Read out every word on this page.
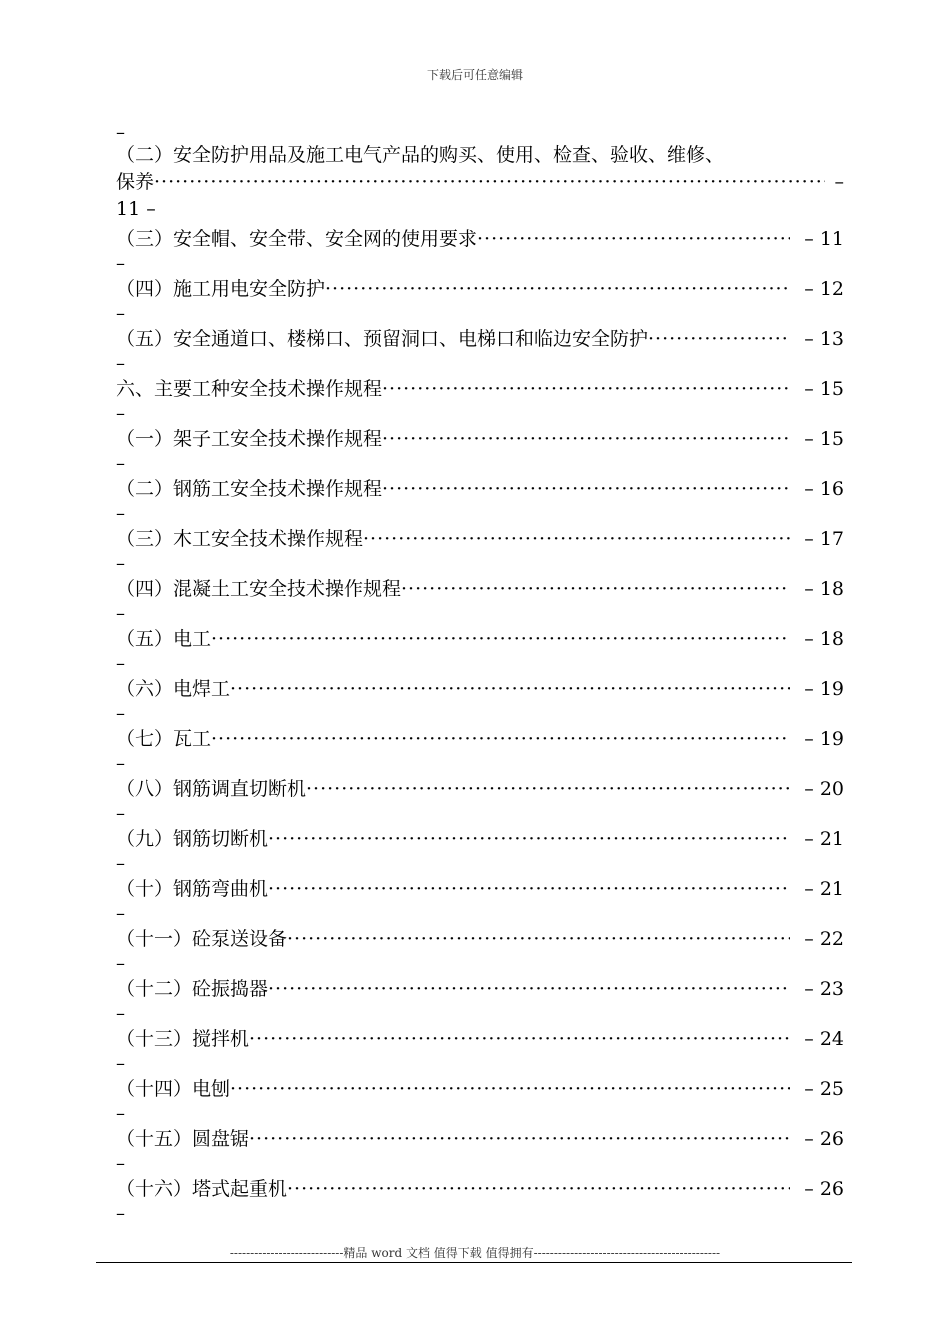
下载后可任意编辑
–
（二）安全防护用品及施工电气产品的购买、使用、检查、验收、维修、
保养 ·····	–
11 –
（三）安全帽、安全带、安全网的使用要求 ·····	– 11
–
（四）施工用电安全防护 ·····	– 12
–
（五）安全通道口、楼梯口、预留洞口、电梯口和临边安全防护 ·····	– 13
–
六、主要工种安全技术操作规程 ·····	– 15
–
（一）架子工安全技术操作规程 ·····	– 15
–
（二）钢筋工安全技术操作规程 ·····	– 16
–
（三）木工安全技术操作规程 ·····	– 17
–
（四）混凝土工安全技术操作规程 ·····	– 18
–
（五）电工 ·····	– 18
–
（六）电焊工 ·····	– 19
–
（七）瓦工 ·····	– 19
–
（八）钢筋调直切断机 ·····	– 20
–
（九）钢筋切断机 ·····	– 21
–
（十）钢筋弯曲机 ·····	– 21
–
（十一）砼泵送设备 ·····	– 22
–
（十二）砼振捣器 ·····	– 23
–
（十三）搅拌机 ·····	– 24
–
（十四）电刨 ·····	– 25
–
（十五）圆盘锯 ·····	– 26
–
（十六）塔式起重机 ·····	– 26
–
----------------------------精品 word 文档 值得下载 值得拥有----------------------------------------------
